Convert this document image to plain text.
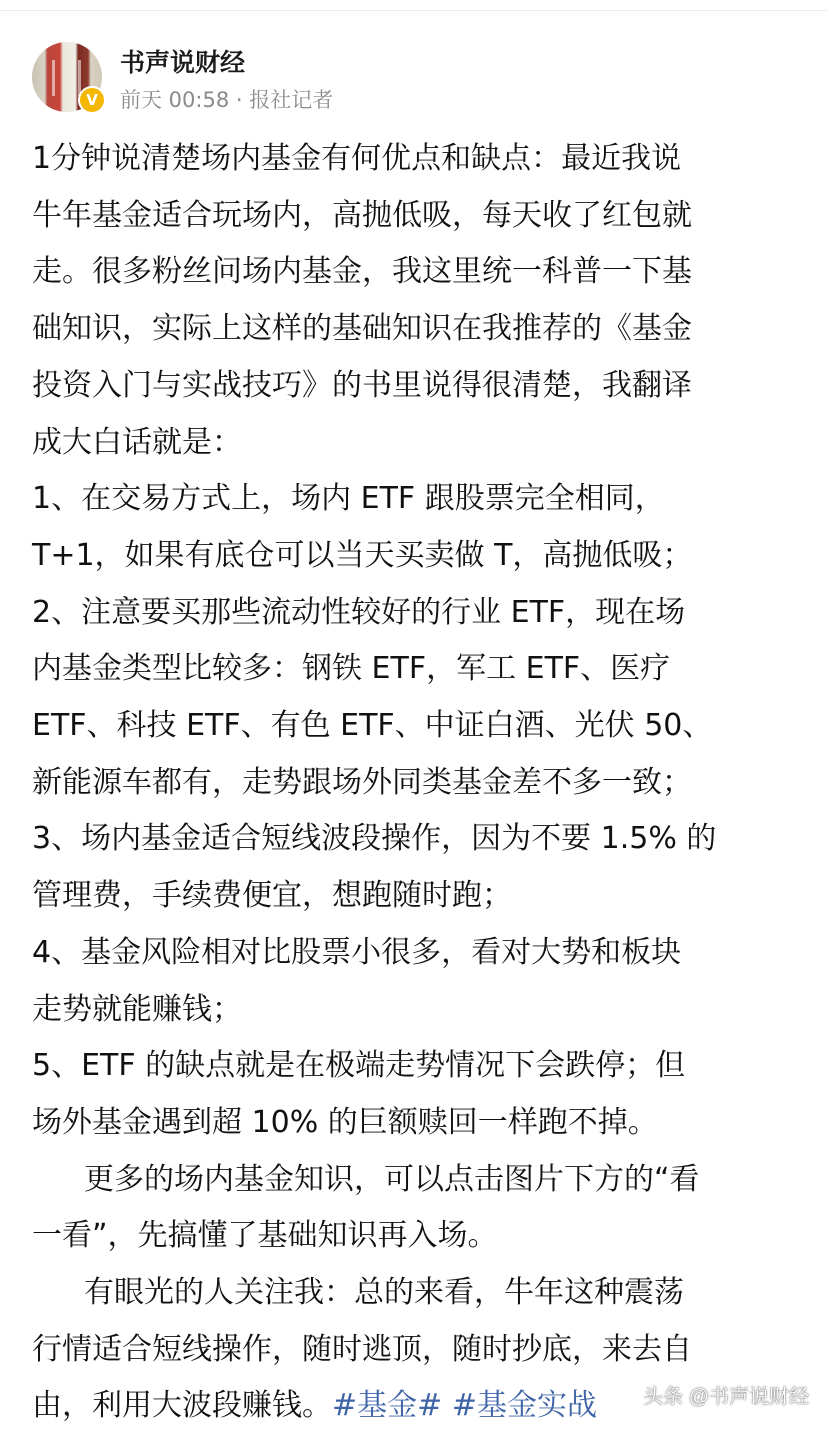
V
书声说财经
前天 00:58 · 报社记者

1分钟说清楚场内基金有何优点和缺点：最近我说

牛年基金适合玩场内，高抛低吸，每天收了红包就

走。很多粉丝问场内基金，我这里统一科普一下基

础知识，实际上这样的基础知识在我推荐的《基金

投资入门与实战技巧》的书里说得很清楚，我翻译

成大白话就是：

1、在交易方式上，场内 ETF 跟股票完全相同，

T+1，如果有底仓可以当天买卖做 T，高抛低吸；

2、注意要买那些流动性较好的行业 ETF，现在场

内基金类型比较多：钢铁 ETF，军工 ETF、医疗

ETF、科技 ETF、有色 ETF、中证白酒、光伏 50、

新能源车都有，走势跟场外同类基金差不多一致；

3、场内基金适合短线波段操作，因为不要 1.5% 的

管理费，手续费便宜，想跑随时跑；

4、基金风险相对比股票小很多，看对大势和板块

走势就能赚钱；

5、ETF 的缺点就是在极端走势情况下会跌停；但

场外基金遇到超 10% 的巨额赎回一样跑不掉。

更多的场内基金知识，可以点击图片下方的“看

一看”，先搞懂了基础知识再入场。

有眼光的人关注我：总的来看，牛年这种震荡

行情适合短线操作，随时逃顶，随时抄底，来去自

由，利用大波段赚钱。#基金# #基金实战	头条 @书声说财经
